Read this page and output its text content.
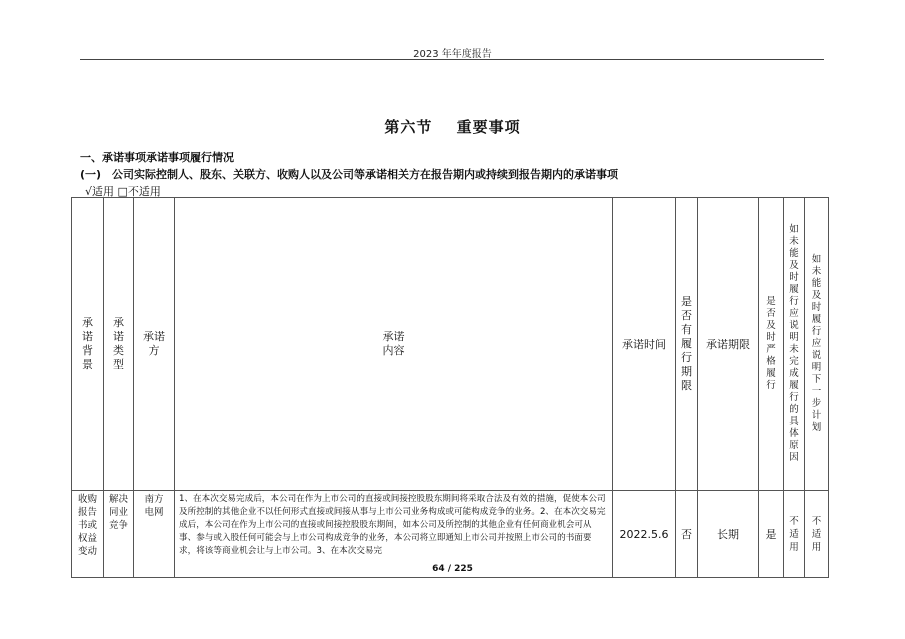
2023 年年度报告
第六节 重要事项
一、承诺事项承诺事项履行情况
(一)　公司实际控制人、股东、关联方、收购人以及公司等承诺相关方在报告期内或持续到报告期内的承诺事项
√适用 □不适用
承诺背景	承诺类型	承诺方	承诺内容	承诺时间	是否有履行期限	承诺期限	是否及时严格履行	如未能及时履行应说明未完成履行的具体原因	如未能及时履行应说明下一步计划

收购报告书或权益变动	解决同业竞争	南方电网	1、在本次交易完成后，本公司在作为上市公司的直接或间接控股股东期间将采取合法及有效的措施，促使本公司及所控制的其他企业不以任何形式直接或间接从事与上市公司业务构成或可能构成竞争的业务。2、在本次交易完成后，本公司在作为上市公司的直接或间接控股股东期间，如本公司及所控制的其他企业有任何商业机会可从事、参与或入股任何可能会与上市公司构成竞争的业务，本公司将立即通知上市公司并按照上市公司的书面要求，将该等商业机会让与上市公司。3、在本次交易完	2022.5.6	否	长期	是	不适用	不适用
64 / 225
